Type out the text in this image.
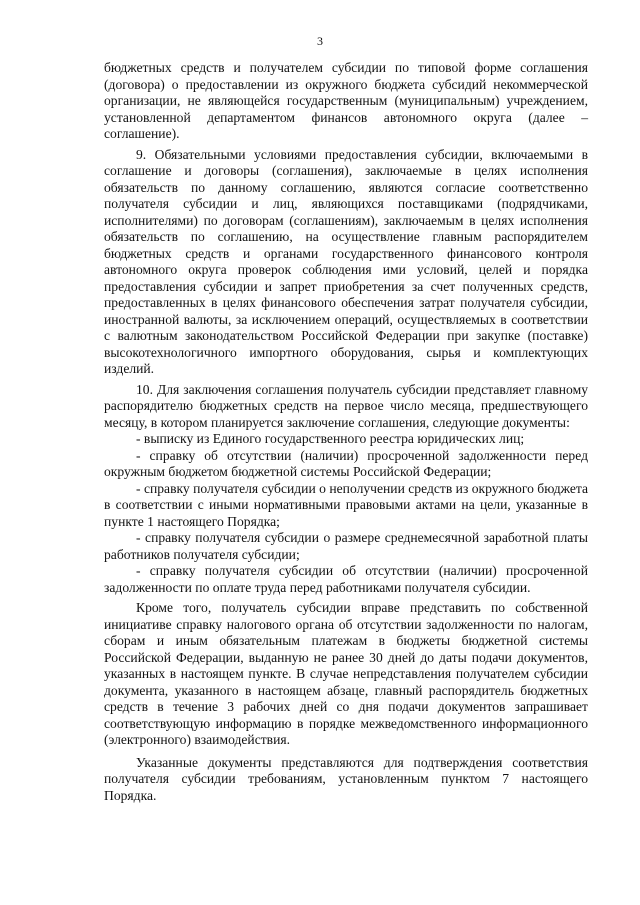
3

бюджетных средств и получателем субсидии по типовой форме соглашения (договора) о предоставлении из окружного бюджета субсидий некоммерческой организации, не являющейся государственным (муниципальным) учреждением, установленной департаментом финансов автономного округа (далее – соглашение).

9. Обязательными условиями предоставления субсидии, включаемыми в соглашение и договоры (соглашения), заключаемые в целях исполнения обязательств по данному соглашению, являются согласие соответственно получателя субсидии и лиц, являющихся поставщиками (подрядчиками, исполнителями) по договорам (соглашениям), заключаемым в целях исполнения обязательств по соглашению, на осуществление главным распорядителем бюджетных средств и органами государственного финансового контроля автономного округа проверок соблюдения ими условий, целей и порядка предоставления субсидии и запрет приобретения за счет полученных средств, предоставленных в целях финансового обеспечения затрат получателя субсидии, иностранной валюты, за исключением операций, осуществляемых в соответствии с валютным законодательством Российской Федерации при закупке (поставке) высокотехнологичного импортного оборудования, сырья и комплектующих изделий.

10. Для заключения соглашения получатель субсидии представляет главному распорядителю бюджетных средств на первое число месяца, предшествующего месяцу, в котором планируется заключение соглашения, следующие документы:

- выписку из Единого государственного реестра юридических лиц;

- справку об отсутствии (наличии) просроченной задолженности перед окружным бюджетом бюджетной системы Российской Федерации;

- справку получателя субсидии о неполучении средств из окружного бюджета в соответствии с иными нормативными правовыми актами на цели, указанные в пункте 1 настоящего Порядка;

- справку получателя субсидии о размере среднемесячной заработной платы работников получателя субсидии;

- справку получателя субсидии об отсутствии (наличии) просроченной задолженности по оплате труда перед работниками получателя субсидии.

Кроме того, получатель субсидии вправе представить по собственной инициативе справку налогового органа об отсутствии задолженности по налогам, сборам и иным обязательным платежам в бюджеты бюджетной системы Российской Федерации, выданную не ранее 30 дней до даты подачи документов, указанных в настоящем пункте. В случае непредставления получателем субсидии документа, указанного в настоящем абзаце, главный распорядитель бюджетных средств в течение 3 рабочих дней со дня подачи документов запрашивает соответствующую информацию в порядке межведомственного информационного (электронного) взаимодействия.

Указанные документы представляются для подтверждения соответствия получателя субсидии требованиям, установленным пунктом 7 настоящего Порядка.
